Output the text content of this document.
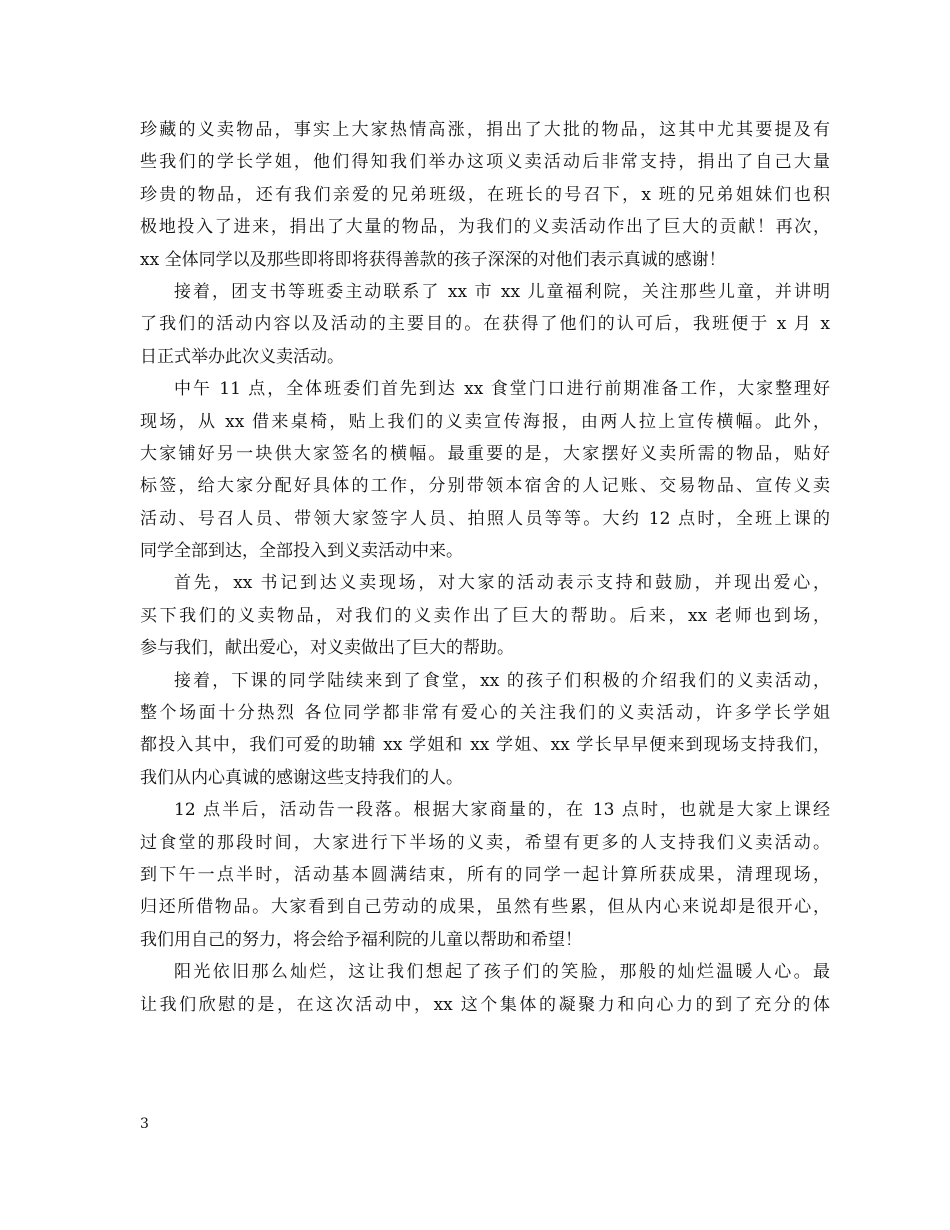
珍藏的义卖物品，事实上大家热情高涨，捐出了大批的物品，这其中尤其要提及有
些我们的学长学姐，他们得知我们举办这项义卖活动后非常支持，捐出了自己大量
珍贵的物品，还有我们亲爱的兄弟班级，在班长的号召下，x 班的兄弟姐妹们也积
极地投入了进来，捐出了大量的物品，为我们的义卖活动作出了巨大的贡献！再次，
xx 全体同学以及那些即将即将获得善款的孩子深深的对他们表示真诚的感谢！
接着，团支书等班委主动联系了 xx 市 xx 儿童福利院，关注那些儿童，并讲明
了我们的活动内容以及活动的主要目的。在获得了他们的认可后，我班便于 x 月 x
日正式举办此次义卖活动。
中午 11 点，全体班委们首先到达 xx 食堂门口进行前期准备工作，大家整理好
现场，从 xx 借来桌椅，贴上我们的义卖宣传海报，由两人拉上宣传横幅。此外，
大家铺好另一块供大家签名的横幅。最重要的是，大家摆好义卖所需的物品，贴好
标签，给大家分配好具体的工作，分别带领本宿舍的人记账、交易物品、宣传义卖
活动、号召人员、带领大家签字人员、拍照人员等等。大约 12 点时，全班上课的
同学全部到达，全部投入到义卖活动中来。
首先，xx 书记到达义卖现场，对大家的活动表示支持和鼓励，并现出爱心，
买下我们的义卖物品，对我们的义卖作出了巨大的帮助。后来，xx 老师也到场，
参与我们，献出爱心，对义卖做出了巨大的帮助。
接着，下课的同学陆续来到了食堂，xx 的孩子们积极的介绍我们的义卖活动，
整个场面十分热烈 各位同学都非常有爱心的关注我们的义卖活动，许多学长学姐
都投入其中，我们可爱的助辅 xx 学姐和 xx 学姐、xx 学长早早便来到现场支持我们，
我们从内心真诚的感谢这些支持我们的人。
12 点半后，活动告一段落。根据大家商量的，在 13 点时，也就是大家上课经
过食堂的那段时间，大家进行下半场的义卖，希望有更多的人支持我们义卖活动。
到下午一点半时，活动基本圆满结束，所有的同学一起计算所获成果，清理现场，
归还所借物品。大家看到自己劳动的成果，虽然有些累，但从内心来说却是很开心，
我们用自己的努力，将会给予福利院的儿童以帮助和希望！
阳光依旧那么灿烂，这让我们想起了孩子们的笑脸，那般的灿烂温暖人心。最
让我们欣慰的是，在这次活动中，xx 这个集体的凝聚力和向心力的到了充分的体
3
